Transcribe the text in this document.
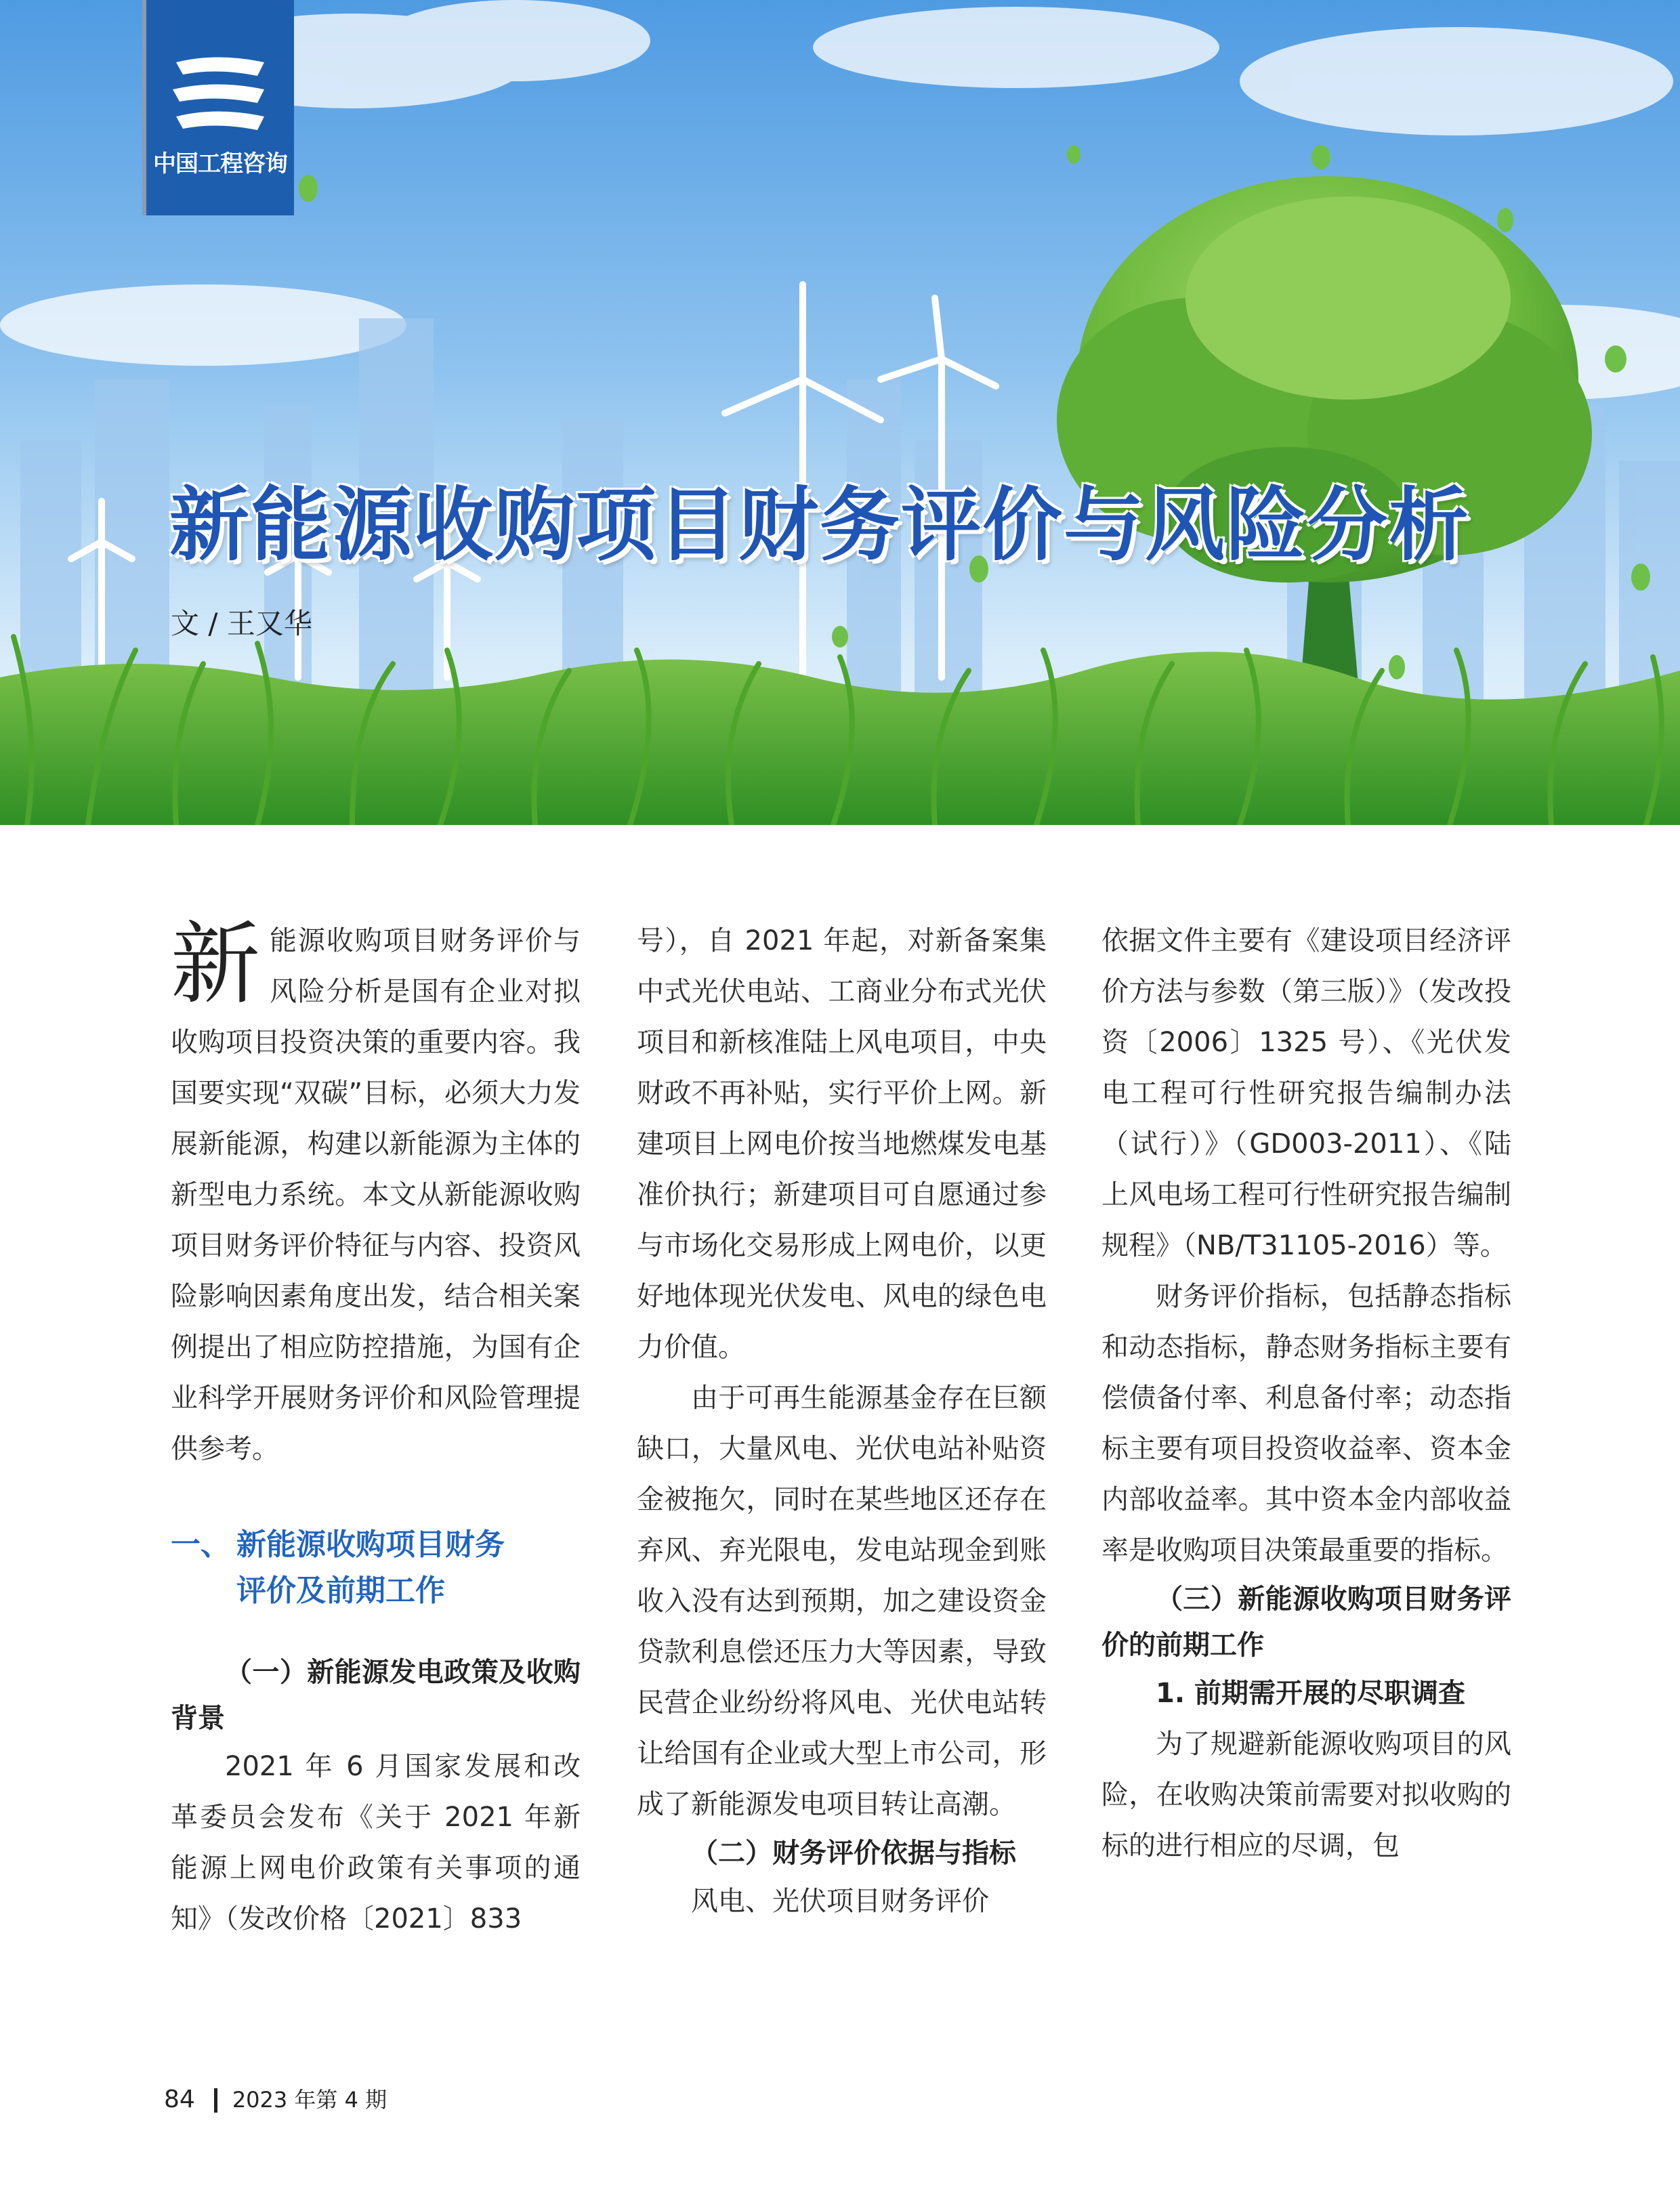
中国工程咨询
新能源收购项目财务评价与风险分析
文 / 王又华

新能源收购项目财务评价与风险分析是国有企业对拟收购项目投资决策的重要内容。我国要实现“双碳”目标，必须大力发展新能源，构建以新能源为主体的新型电力系统。本文从新能源收购项目财务评价特征与内容、投资风险影响因素角度出发，结合相关案例提出了相应防控措施，为国有企业科学开展财务评价和风险管理提供参考。

一、 新能源收购项目财务
评价及前期工作

（一）新能源发电政策及收购背景

2021 年 6 月国家发展和改革委员会发布《关于 2021 年新能源上网电价政策有关事项的通知》（发改价格〔2021〕833

号），自 2021 年起，对新备案集中式光伏电站、工商业分布式光伏项目和新核准陆上风电项目，中央财政不再补贴，实行平价上网。新建项目上网电价按当地燃煤发电基准价执行；新建项目可自愿通过参与市场化交易形成上网电价，以更好地体现光伏发电、风电的绿色电力价值。

由于可再生能源基金存在巨额缺口，大量风电、光伏电站补贴资金被拖欠，同时在某些地区还存在弃风、弃光限电，发电站现金到账收入没有达到预期，加之建设资金贷款利息偿还压力大等因素，导致民营企业纷纷将风电、光伏电站转让给国有企业或大型上市公司，形成了新能源发电项目转让高潮。

（二）财务评价依据与指标

风电、光伏项目财务评价

依据文件主要有《建设项目经济评价方法与参数（第三版）》（发改投资〔2006〕1325 号）、《光伏发电工程可行性研究报告编制办法（试行）》（GD003-2011）、《陆上风电场工程可行性研究报告编制规程》（NB/T31105-2016）等。

财务评价指标，包括静态指标和动态指标，静态财务指标主要有偿债备付率、利息备付率；动态指标主要有项目投资收益率、资本金内部收益率。其中资本金内部收益率是收购项目决策最重要的指标。

（三）新能源收购项目财务评价的前期工作

1. 前期需开展的尽职调查

为了规避新能源收购项目的风险，在收购决策前需要对拟收购的标的进行相应的尽调，包

84 2023 年第 4 期
